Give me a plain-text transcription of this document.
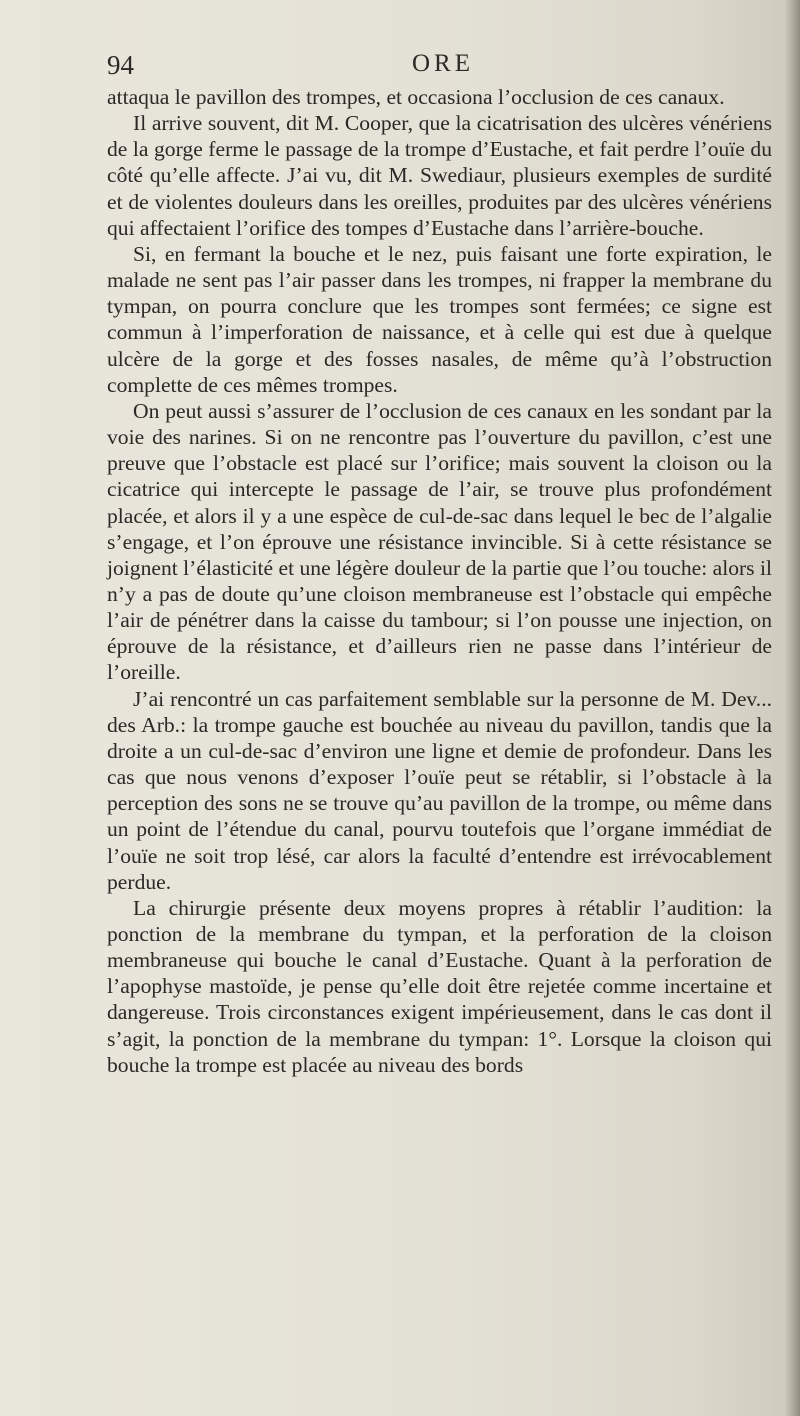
94	ORE

attaqua le pavillon des trompes, et occasiona l’occlusion de ces canaux.

Il arrive souvent, dit M. Cooper, que la cicatrisation des ulcères vénériens de la gorge ferme le passage de la trompe d’Eustache, et fait perdre l’ouïe du côté qu’elle affecte. J’ai vu, dit M. Swediaur, plusieurs exemples de surdité et de violentes douleurs dans les oreilles, produites par des ulcères vénériens qui affectaient l’orifice des tompes d’Eustache dans l’arrière-bouche.

Si, en fermant la bouche et le nez, puis faisant une forte expiration, le malade ne sent pas l’air passer dans les trompes, ni frapper la membrane du tympan, on pourra conclure que les trompes sont fermées; ce signe est commun à l’imperforation de naissance, et à celle qui est due à quelque ulcère de la gorge et des fosses nasales, de même qu’à l’obstruction complette de ces mêmes trompes.

On peut aussi s’assurer de l’occlusion de ces canaux en les sondant par la voie des narines. Si on ne rencontre pas l’ouverture du pavillon, c’est une preuve que l’obstacle est placé sur l’orifice; mais souvent la cloison ou la cicatrice qui intercepte le passage de l’air, se trouve plus profondément placée, et alors il y a une espèce de cul-de-sac dans lequel le bec de l’algalie s’engage, et l’on éprouve une résistance invincible. Si à cette résistance se joignent l’élasticité et une légère douleur de la partie que l’ou touche: alors il n’y a pas de doute qu’une cloison membraneuse est l’obstacle qui empêche l’air de pénétrer dans la caisse du tambour; si l’on pousse une injection, on éprouve de la résistance, et d’ailleurs rien ne passe dans l’intérieur de l’oreille.

J’ai rencontré un cas parfaitement semblable sur la personne de M. Dev... des Arb.: la trompe gauche est bouchée au niveau du pavillon, tandis que la droite a un cul-de-sac d’environ une ligne et demie de profondeur. Dans les cas que nous venons d’exposer l’ouïe peut se rétablir, si l’obstacle à la perception des sons ne se trouve qu’au pavillon de la trompe, ou même dans un point de l’étendue du canal, pourvu toutefois que l’organe immédiat de l’ouïe ne soit trop lésé, car alors la faculté d’entendre est irrévocablement perdue.

La chirurgie présente deux moyens propres à rétablir l’audition: la ponction de la membrane du tympan, et la perforation de la cloison membraneuse qui bouche le canal d’Eustache. Quant à la perforation de l’apophyse mastoïde, je pense qu’elle doit être rejetée comme incertaine et dangereuse. Trois circonstances exigent impérieusement, dans le cas dont il s’agit, la ponction de la membrane du tympan: 1°. Lorsque la cloison qui bouche la trompe est placée au niveau des bords
